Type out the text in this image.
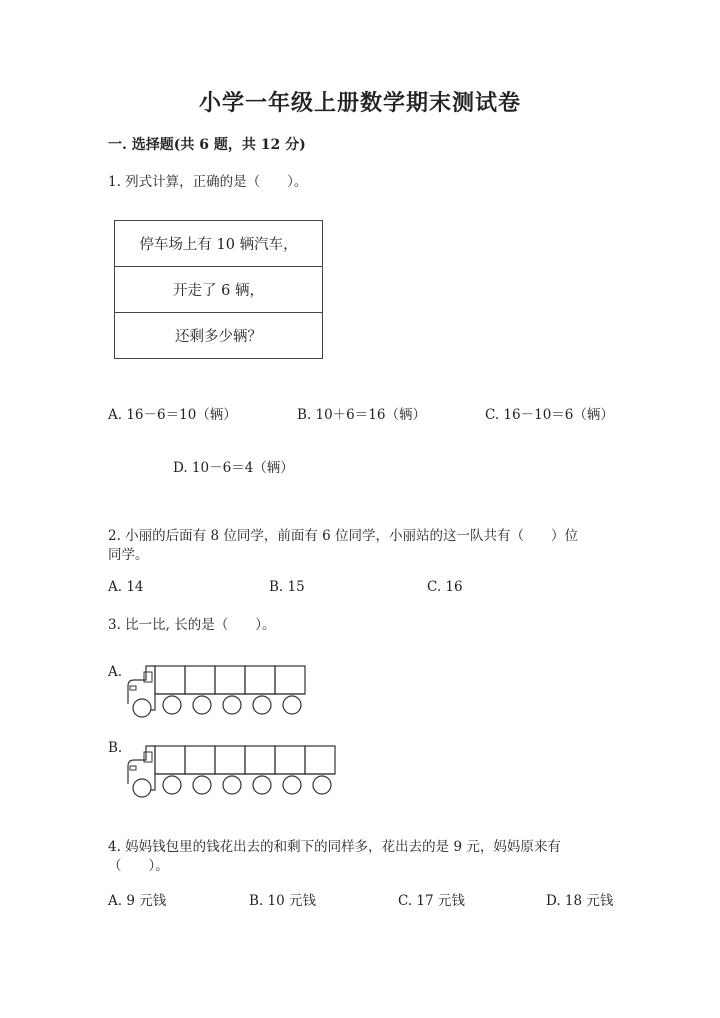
小学一年级上册数学期末测试卷
一. 选择题(共 6 题，共 12 分)
1. 列式计算，正确的是（　　）。
停车场上有 10 辆汽车，
开走了 6 辆，
还剩多少辆？
A. 16－6＝10（辆）	B. 10＋6＝16（辆）	C. 16－10＝6（辆）
D. 10－6＝4（辆）
2. 小丽的后面有 8 位同学，前面有 6 位同学，小丽站的这一队共有（　　）位
同学。
A. 14	B. 15	C. 16
3. 比一比, 长的是（　　）。
A.
B.
4. 妈妈钱包里的钱花出去的和剩下的同样多，花出去的是 9 元，妈妈原来有
（　　）。
A. 9 元钱	B. 10 元钱	C. 17 元钱	D. 18 元钱
